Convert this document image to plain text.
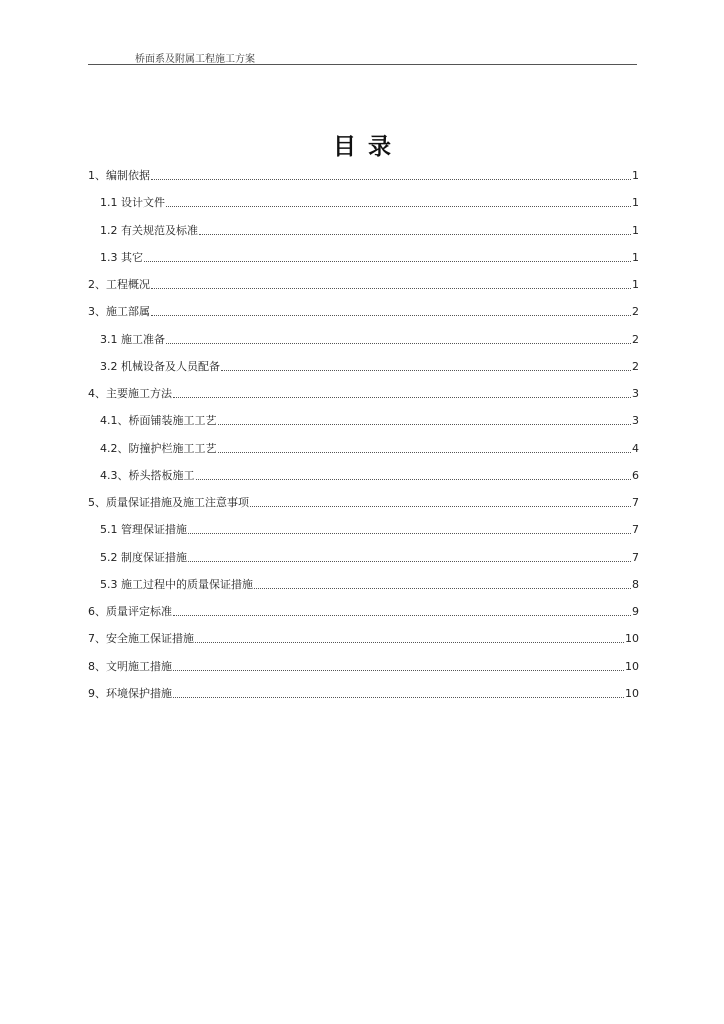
桥面系及附属工程施工方案
目录
1、编制依据	1
1.1 设计文件	1
1.2 有关规范及标准	1
1.3 其它	1
2、工程概况	1
3、施工部属	2
3.1 施工准备	2
3.2 机械设备及人员配备	2
4、主要施工方法	3
4.1、桥面铺装施工工艺	3
4.2、防撞护栏施工工艺	4
4.3、桥头搭板施工	6
5、质量保证措施及施工注意事项	7
5.1 管理保证措施	7
5.2 制度保证措施	7
5.3 施工过程中的质量保证措施	8
6、质量评定标准	9
7、安全施工保证措施	10
8、文明施工措施	10
9、环境保护措施	10
